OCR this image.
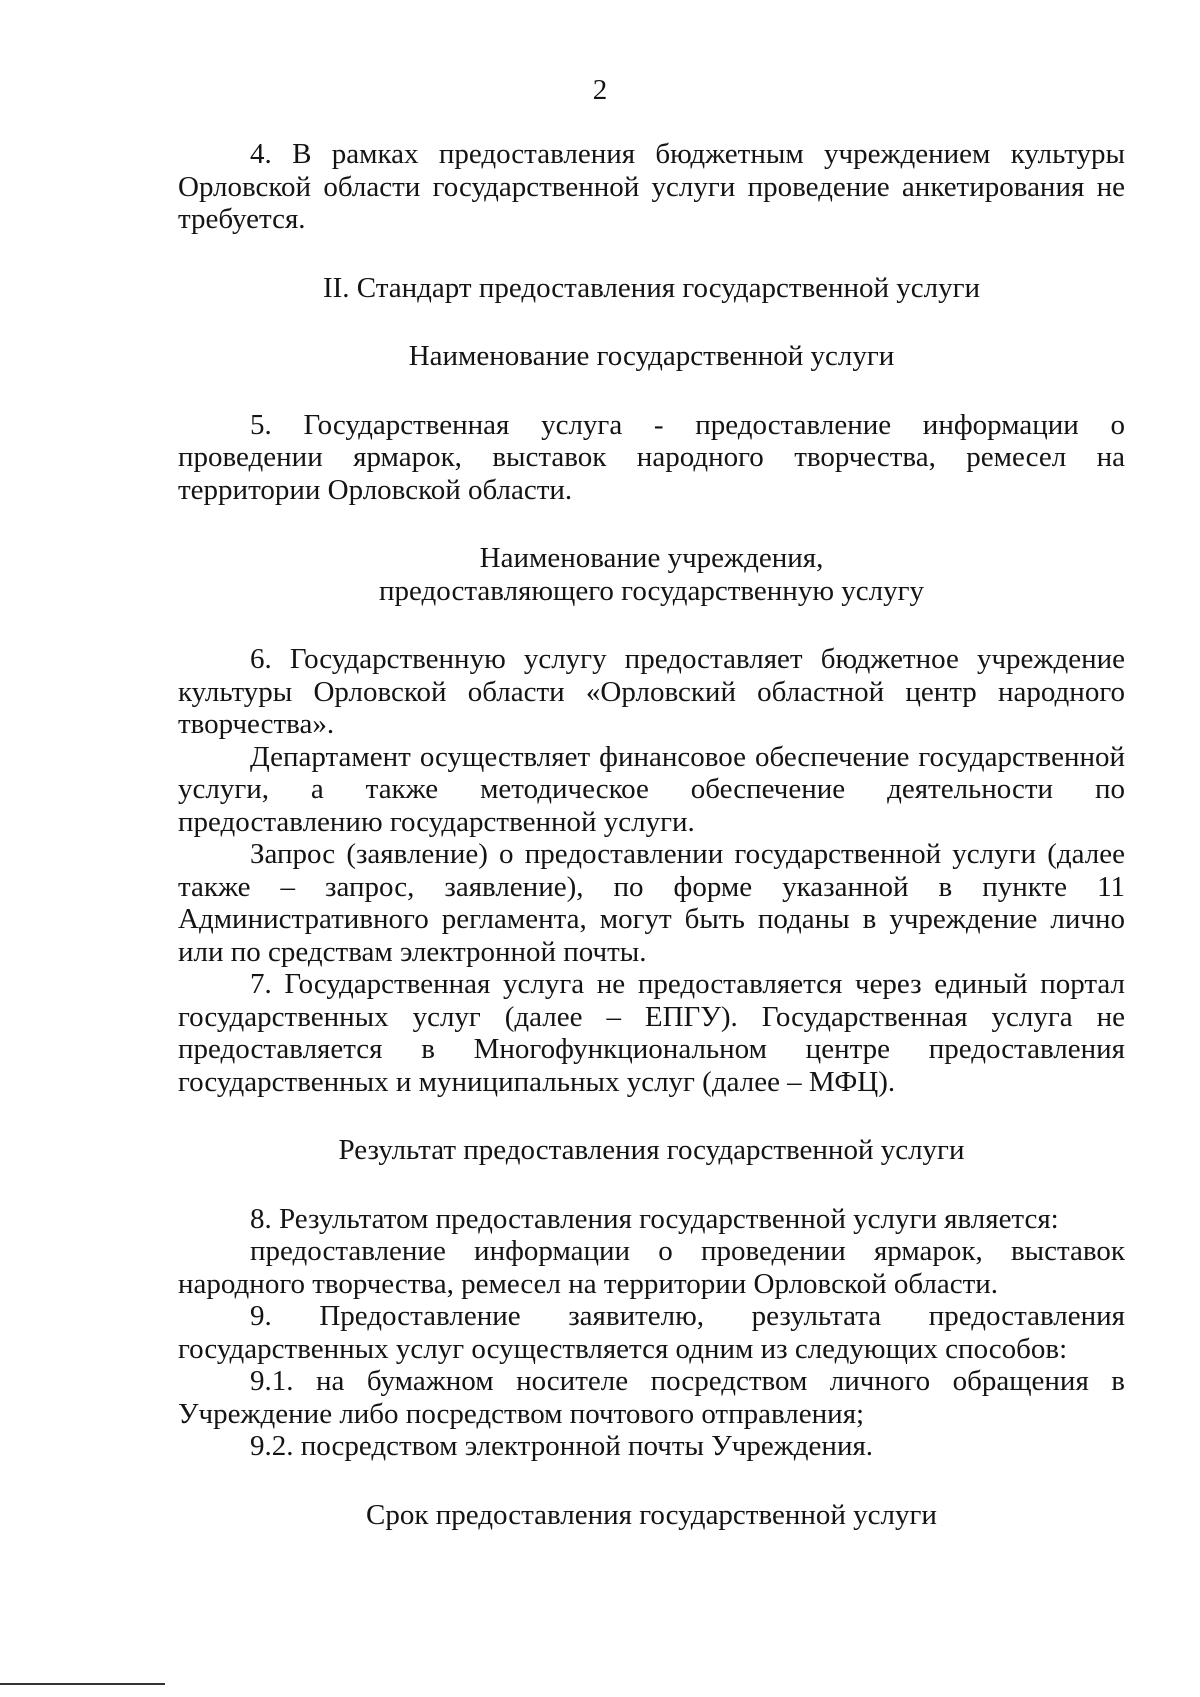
2

4. В рамках предоставления бюджетным учреждением культуры Орловской области государственной услуги проведение анкетирования не требуется.

II. Стандарт предоставления государственной услуги

Наименование государственной услуги

5. Государственная услуга - предоставление информации о проведении ярмарок, выставок народного творчества, ремесел на территории Орловской области.

Наименование учреждения,

предоставляющего государственную услугу

6. Государственную услугу предоставляет бюджетное учреждение культуры Орловской области «Орловский областной центр народного творчества».

Департамент осуществляет финансовое обеспечение государственной услуги, а также методическое обеспечение деятельности по предоставлению государственной услуги.

Запрос (заявление) о предоставлении государственной услуги (далее также – запрос, заявление), по форме указанной в пункте 11 Административного регламента, могут быть поданы в учреждение лично или по средствам электронной почты.

7. Государственная услуга не предоставляется через единый портал государственных услуг (далее – ЕПГУ). Государственная услуга не предоставляется в Многофункциональном центре предоставления государственных и муниципальных услуг (далее – МФЦ).

Результат предоставления государственной услуги

8. Результатом предоставления государственной услуги является:

предоставление информации о проведении ярмарок, выставок народного творчества, ремесел на территории Орловской области.

9. Предоставление заявителю, результата предоставления государственных услуг осуществляется одним из следующих способов:

9.1. на бумажном носителе посредством личного обращения в Учреждение либо посредством почтового отправления;

9.2. посредством электронной почты Учреждения.

Срок предоставления государственной услуги
